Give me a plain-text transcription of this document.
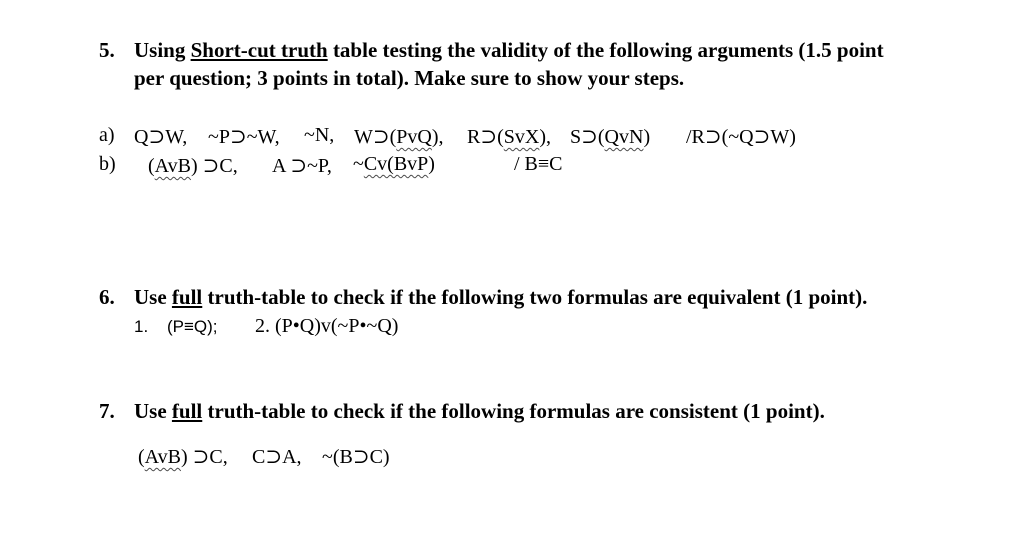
5. Using Short-cut truth table testing the validity of the following arguments (1.5 point
per question; 3 points in total). Make sure to show your steps.
a) Q⊃W, ~P⊃~W, ~N, W⊃(PvQ), R⊃(SvX), S⊃(QvN) /R⊃(~Q⊃W)
b) (AvB) ⊃C, A ⊃~P, ~Cv(BvP)	/ B≡C
6. Use full truth-table to check if the following two formulas are equivalent (1 point).
1. (P≡Q); 2. (P•Q)v(~P•~Q)
7. Use full truth-table to check if the following formulas are consistent (1 point).
(AvB) ⊃C, C⊃A, ~(B⊃C)
